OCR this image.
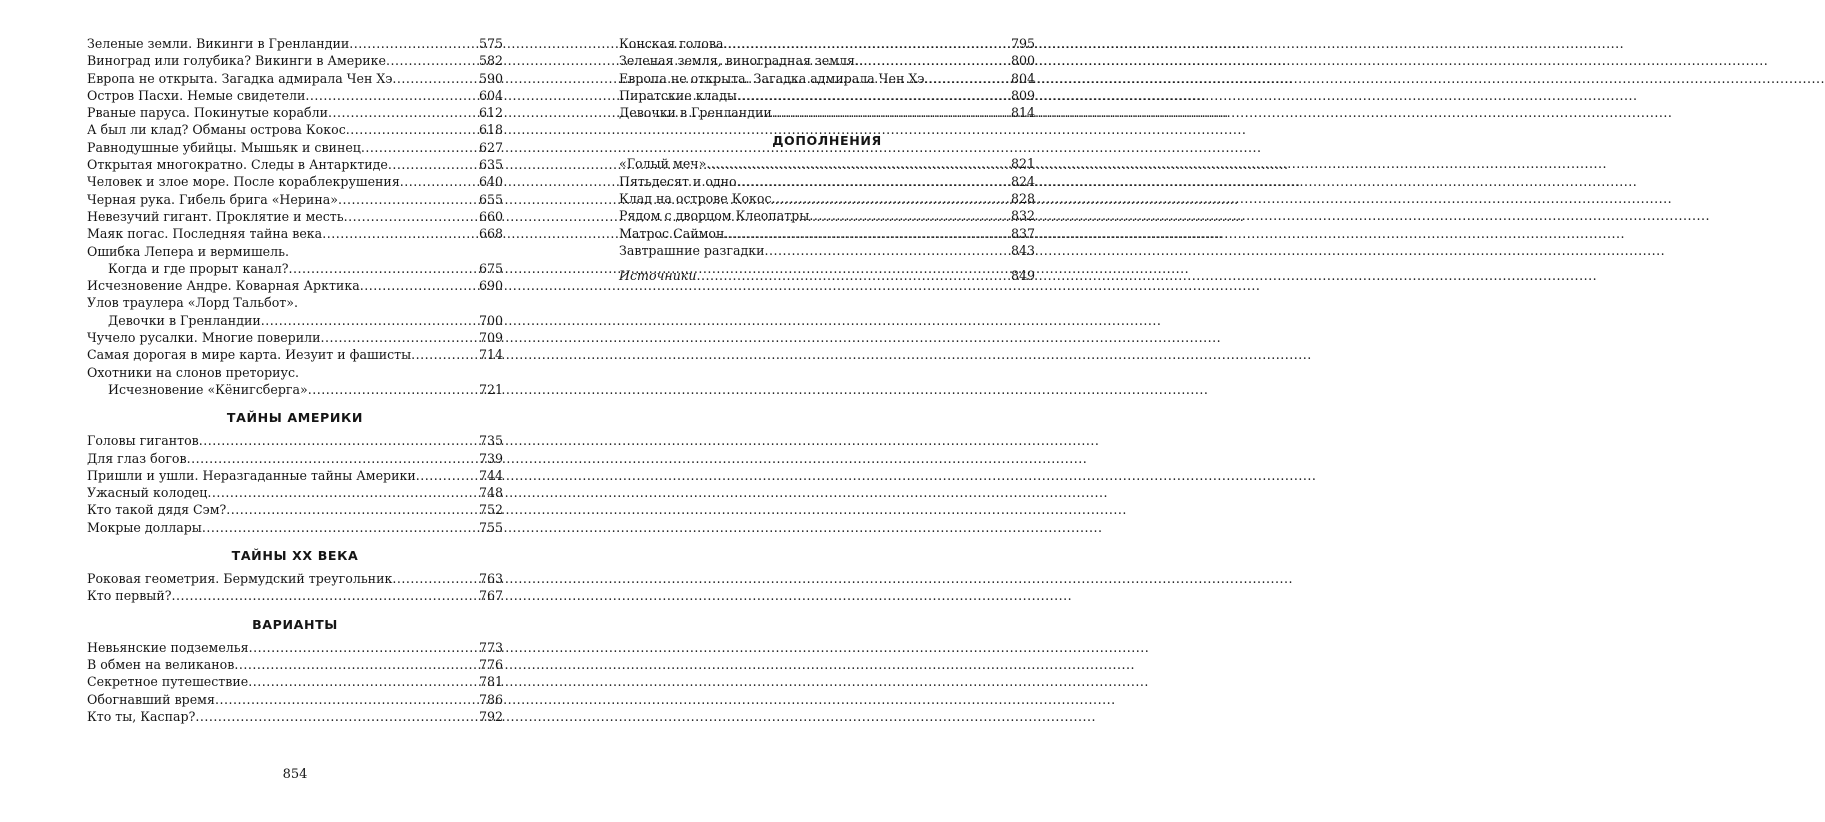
Зеленые земли. Викинги в Гренландии .....	575
Виноград или голубика? Викинги в Америке .....	582
Европа не открыта. Загадка адмирала Чен Хэ .....	590
Остров Пасхи. Немые свидетели .....	604
Рваные паруса. Покинутые корабли .....	612
А был ли клад? Обманы острова Кокос .....	618
Равнодушные убийцы. Мышьяк и свинец .....	627
Открытая многократно. Следы в Антарктиде .....	635
Человек и злое море. После кораблекрушения .....	640
Черная рука. Гибель брига «Нерина» .....	655
Невезучий гигант. Проклятие и месть .....	660
Маяк погас. Последняя тайна века .....	668
Ошибка Лепера и вермишель.
Когда и где прорыт канал? .....	675
Исчезновение Андре. Коварная Арктика .....	690
Улов траулера «Лорд Тальбот».
Девочки в Гренландии .....	700
Чучело русалки. Многие поверили .....	709
Самая дорогая в мире карта. Иезуит и фашисты .....	714
Охотники на слонов преториус.
Исчезновение «Кёнигсберга» .....	721
ТАЙНЫ АМЕРИКИ
Головы гигантов .....	735
Для глаз богов .....	739
Пришли и ушли. Неразгаданные тайны Америки .....	744
Ужасный колодец .....	748
Кто такой дядя Сэм? .....	752
Мокрые доллары .....	755
ТАЙНЫ XX ВЕКА
Роковая геометрия. Бермудский треугольник .....	763
Кто первый? .....	767
ВАРИАНТЫ
Невьянские подземелья .....	773
В обмен на великанов .....	776
Секретное путешествие .....	781
Обогнавший время .....	786
Кто ты, Каспар? .....	792
Конская голова .....	795
Зеленая земля, виноградная земля… .....	800
Европа не открыта. Загадка адмирала Чен Хэ .....	804
Пиратские клады .....	809
Девочки в Гренландии .....	814
ДОПОЛНЕНИЯ
«Голый меч» .....	821
Пятьдесят и одно .....	824
Клад на острове Кокос .....	828
Рядом с дворцом Клеопатры .....	832
Матрос Саймон .....	837
Завтрашние разгадки .....	843
Источники .....	849
854
